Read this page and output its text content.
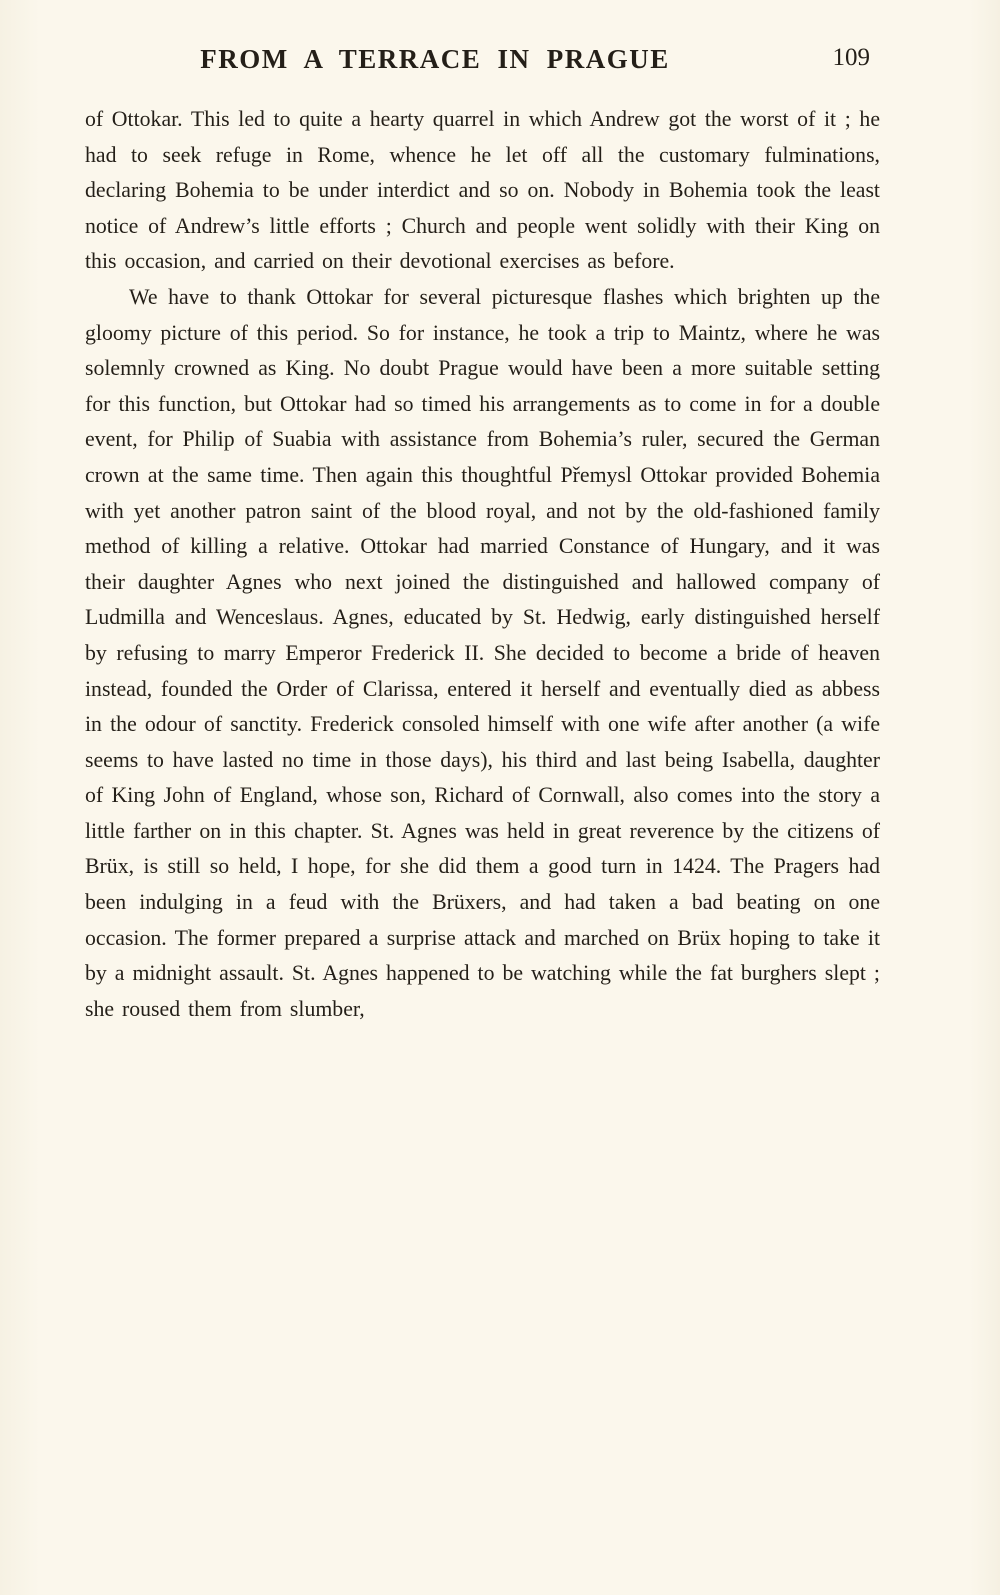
FROM A TERRACE IN PRAGUE	109

of Ottokar. This led to quite a hearty quarrel in which Andrew got the worst of it ; he had to seek refuge in Rome, whence he let off all the customary fulminations, declaring Bohemia to be under interdict and so on. Nobody in Bohemia took the least notice of Andrew’s little efforts ; Church and people went solidly with their King on this occasion, and carried on their devotional exercises as before.

We have to thank Ottokar for several picturesque flashes which brighten up the gloomy picture of this period. So for instance, he took a trip to Maintz, where he was solemnly crowned as King. No doubt Prague would have been a more suitable setting for this function, but Ottokar had so timed his arrangements as to come in for a double event, for Philip of Suabia with assistance from Bohemia’s ruler, secured the German crown at the same time. Then again this thoughtful Přemysl Ottokar provided Bohemia with yet another patron saint of the blood royal, and not by the old-fashioned family method of killing a relative. Ottokar had married Constance of Hungary, and it was their daughter Agnes who next joined the distinguished and hallowed company of Ludmilla and Wenceslaus. Agnes, educated by St. Hedwig, early distinguished herself by refusing to marry Emperor Frederick II. She decided to become a bride of heaven instead, founded the Order of Clarissa, entered it herself and eventually died as abbess in the odour of sanctity. Frederick consoled himself with one wife after another (a wife seems to have lasted no time in those days), his third and last being Isabella, daughter of King John of England, whose son, Richard of Cornwall, also comes into the story a little farther on in this chapter. St. Agnes was held in great reverence by the citizens of Brüx, is still so held, I hope, for she did them a good turn in 1424. The Pragers had been indulging in a feud with the Brüxers, and had taken a bad beating on one occasion. The former prepared a surprise attack and marched on Brüx hoping to take it by a midnight assault. St. Agnes happened to be watching while the fat burghers slept ; she roused them from slumber,
